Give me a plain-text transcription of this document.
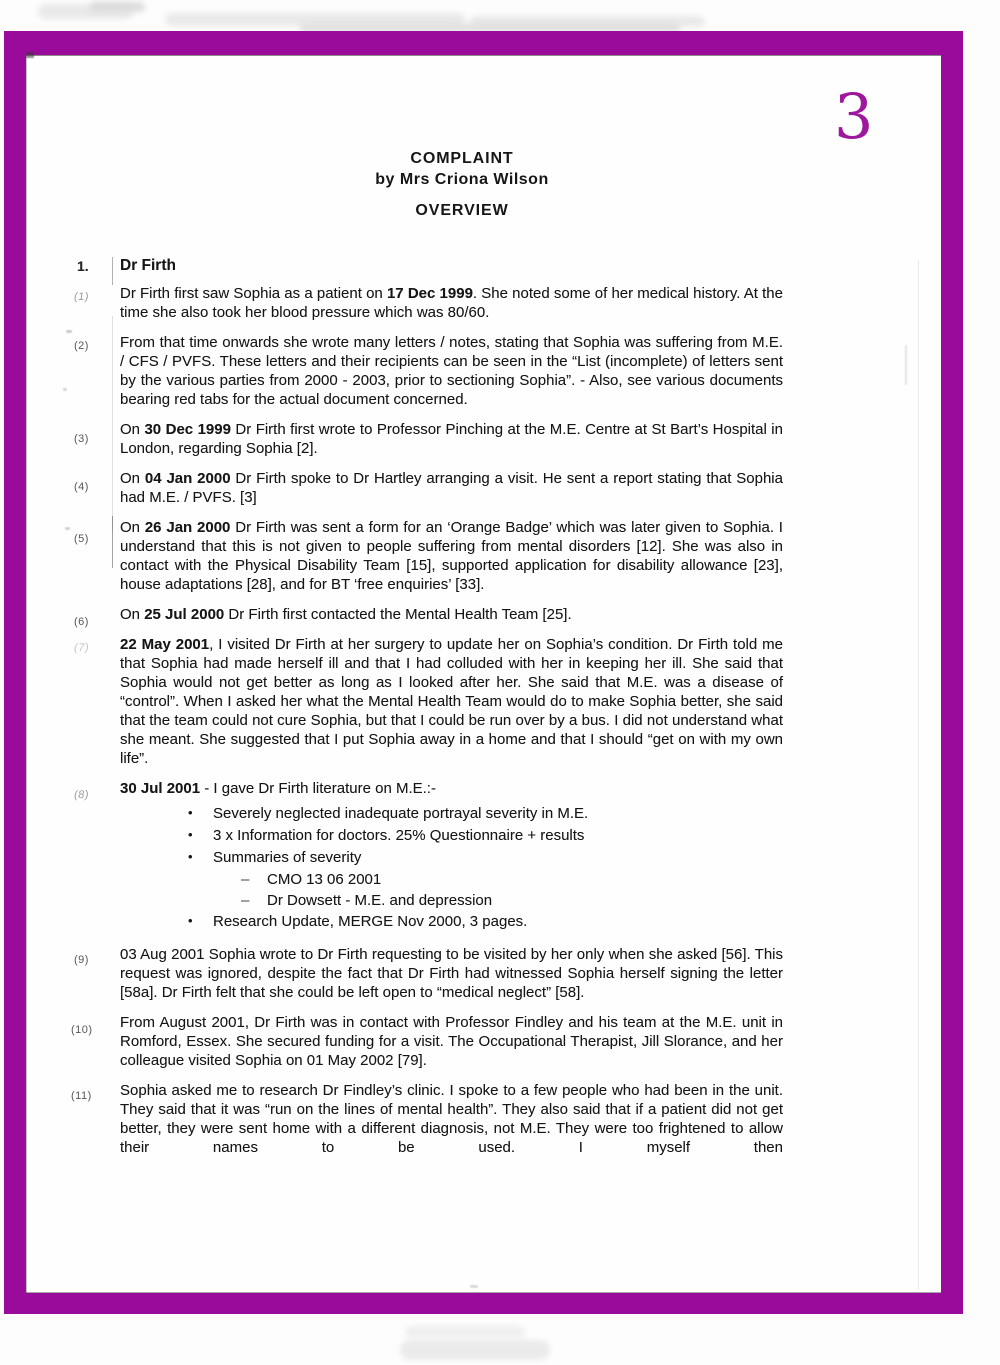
3
COMPLAINT
by Mrs Criona Wilson
OVERVIEW
1. Dr Firth
(1) Dr Firth first saw Sophia as a patient on 17 Dec 1999. She noted some of her medical history. At the time she also took her blood pressure which was 80/60.

(2) From that time onwards she wrote many letters / notes, stating that Sophia was suffering from M.E. / CFS / PVFS. These letters and their recipients can be seen in the “List (incomplete) of letters sent by the various parties from 2000 - 2003, prior to sectioning Sophia”. - Also, see various documents bearing red tabs for the actual document concerned.

(3)

On 30 Dec 1999 Dr Firth first wrote to Professor Pinching at the M.E. Centre at St Bart’s Hospital in London, regarding Sophia [2].

(4) On 04 Jan 2000 Dr Firth spoke to Dr Hartley arranging a visit. He sent a report stating that Sophia had M.E. / PVFS. [3]

(5)

On 26 Jan 2000 Dr Firth was sent a form for an ‘Orange Badge’ which was later given to Sophia. I understand that this is not given to people suffering from mental disorders [12]. She was also in contact with the Physical Disability Team [15], supported application for disability allowance [23], house adaptations [28], and for BT ‘free enquiries’ [33].

(6) On 25 Jul 2000 Dr Firth first contacted the Mental Health Team [25].

(7) 22 May 2001, I visited Dr Firth at her surgery to update her on Sophia’s condition. Dr Firth told me that Sophia had made herself ill and that I had colluded with her in keeping her ill. She said that Sophia would not get better as long as I looked after her. She said that M.E. was a disease of “control”. When I asked her what the Mental Health Team would do to make Sophia better, she said that the team could not cure Sophia, but that I could be run over by a bus. I did not understand what she meant. She suggested that I put Sophia away in a home and that I should “get on with my own life”.

(8) 30 Jul 2001 - I gave Dr Firth literature on M.E.:-

• Severely neglected inadequate portrayal severity in M.E.
• 3 x Information for doctors. 25% Questionnaire + results
• Summaries of severity
– CMO 13 06 2001
– Dr Dowsett - M.E. and depression
• Research Update, MERGE Nov 2000, 3 pages.
(9) 03 Aug 2001 Sophia wrote to Dr Firth requesting to be visited by her only when she asked [56]. This request was ignored, despite the fact that Dr Firth had witnessed Sophia herself signing the letter [58a]. Dr Firth felt that she could be left open to “medical neglect” [58].

(10) From August 2001, Dr Firth was in contact with Professor Findley and his team at the M.E. unit in Romford, Essex. She secured funding for a visit. The Occupational Therapist, Jill Slorance, and her colleague visited Sophia on 01 May 2002 [79].

(11) Sophia asked me to research Dr Findley’s clinic. I spoke to a few people who had been in the unit. They said that it was “run on the lines of mental health”. They also said that if a patient did not get better, they were sent home with a different diagnosis, not M.E. They were too frightened to allow their names to be used. I myself then
